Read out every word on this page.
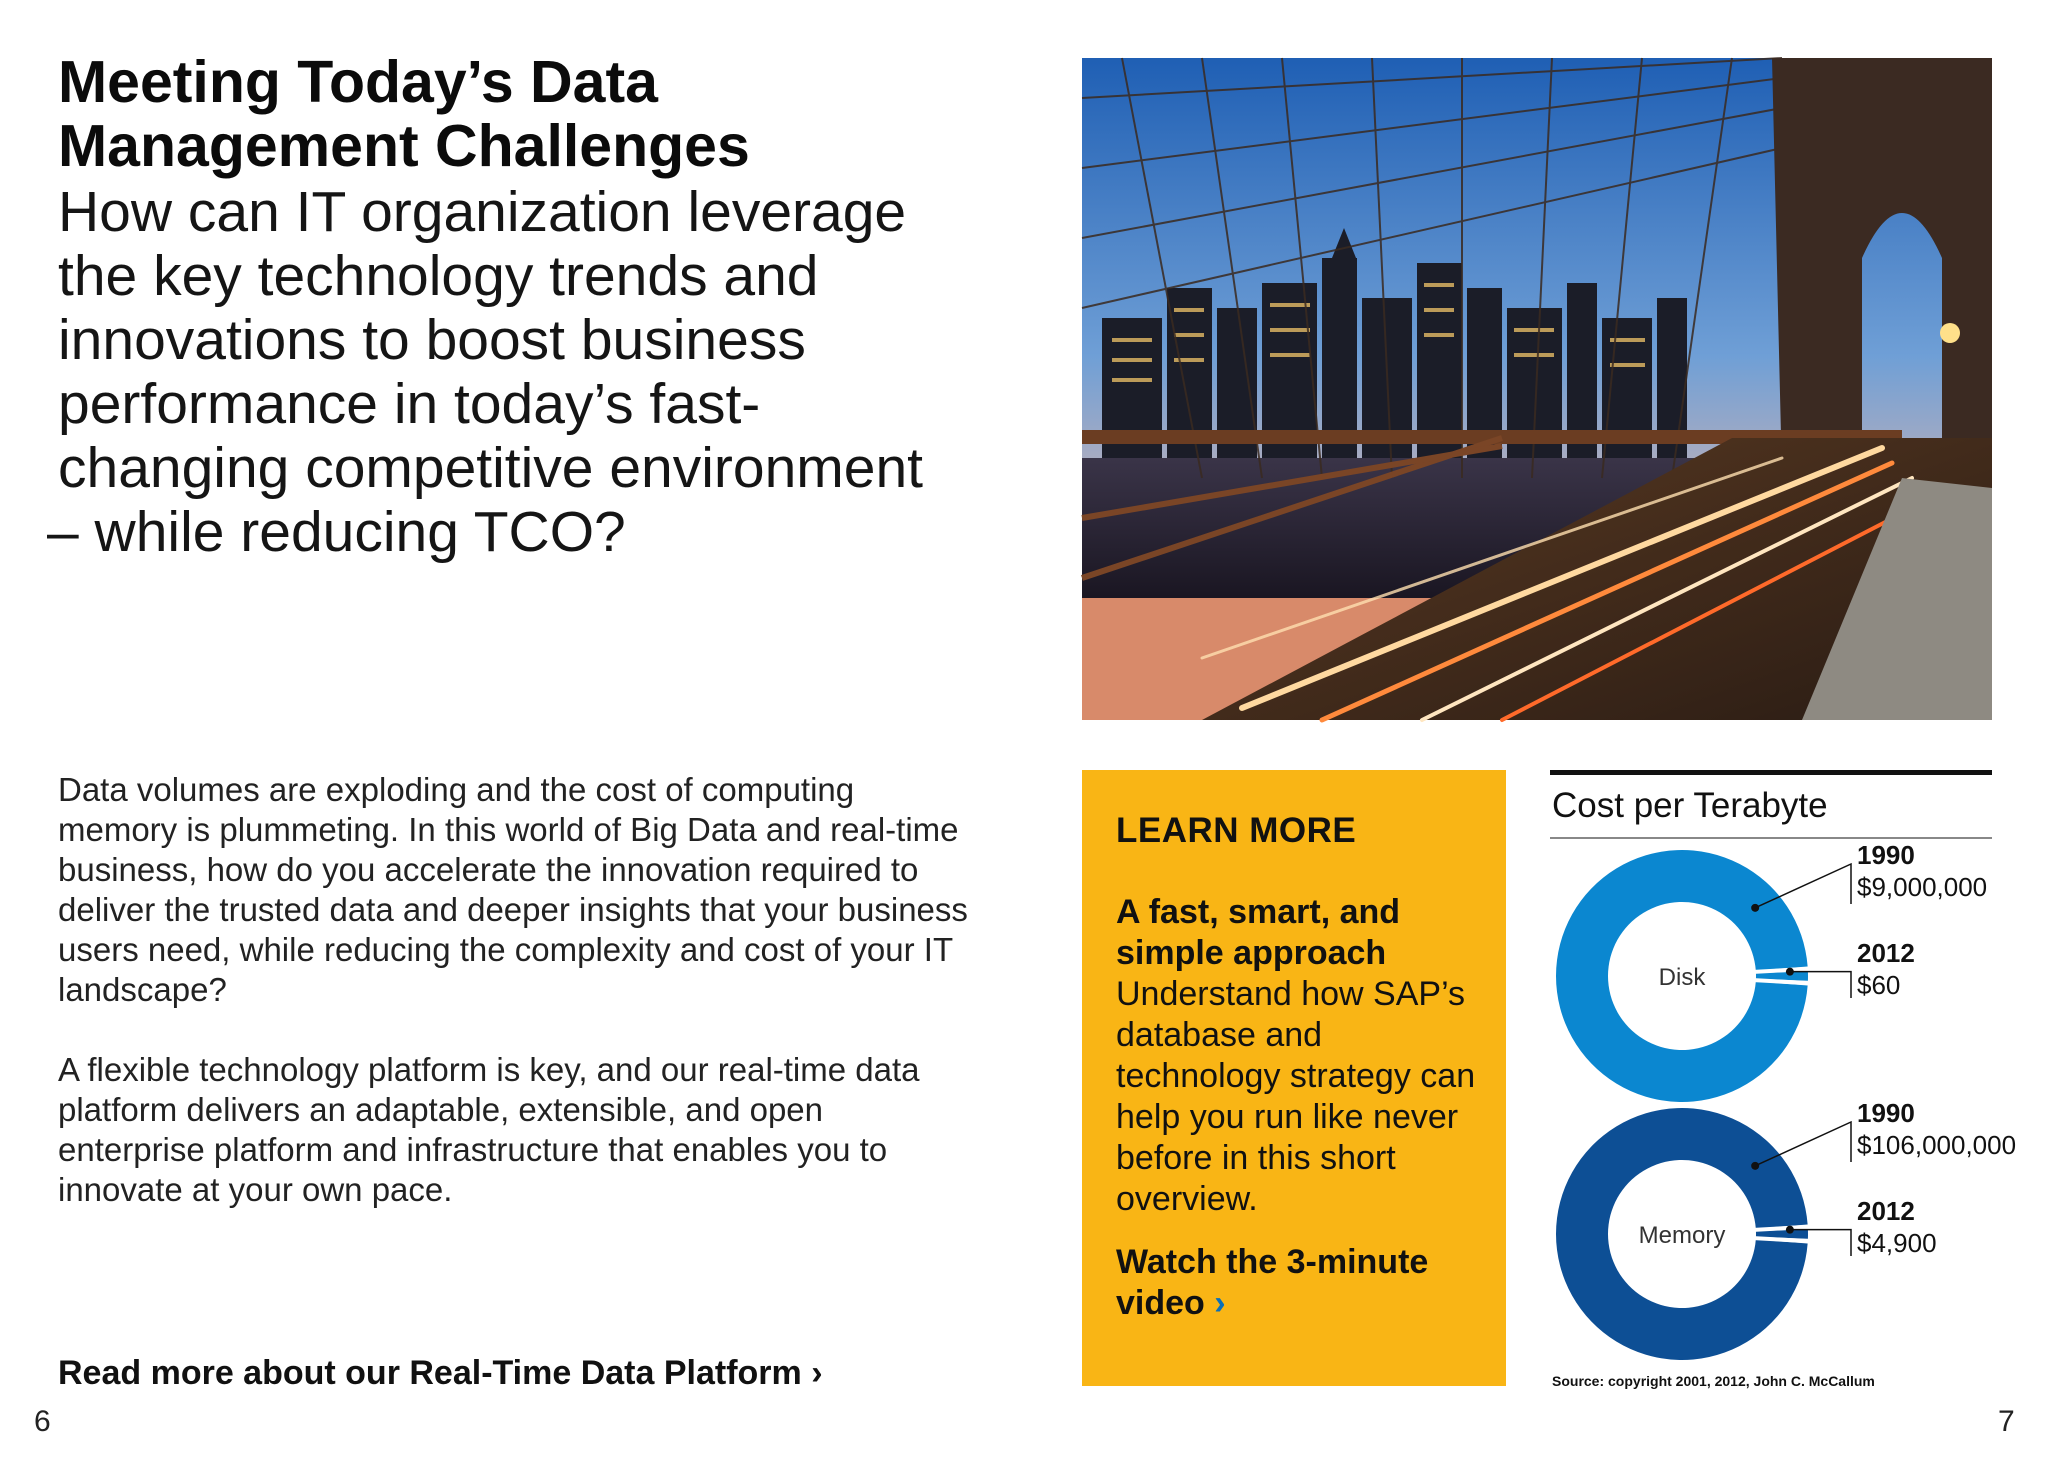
Meeting Today’s Data Management Challenges
How can IT organization leverage
the key technology trends and
innovations to boost business
performance in today’s fast-
changing competitive environment
– while reducing TCO?

Data volumes are exploding and the cost of computing memory is plummeting. In this world of Big Data and real-time business, how do you accelerate the innovation required to deliver the trusted data and deeper insights that your business users need, while reducing the complexity and cost of your IT landscape?

A flexible technology platform is key, and our real-time data platform delivers an adaptable, extensible, and open enterprise platform and infrastructure that enables you to innovate at your own pace.

Read more about our Real-Time Data Platform ›
6	7
LEARN MORE
A fast, smart, and simple approach
Understand how SAP’s database and technology strategy can help you run like never before in this short overview.
Watch the 3-minute video ›
Cost per Terabyte
Disk
1990
$9,000,000
2012
$60
Memory
1990
$106,000,000
2012
$4,900
Source: copyright 2001, 2012, John C. McCallum
